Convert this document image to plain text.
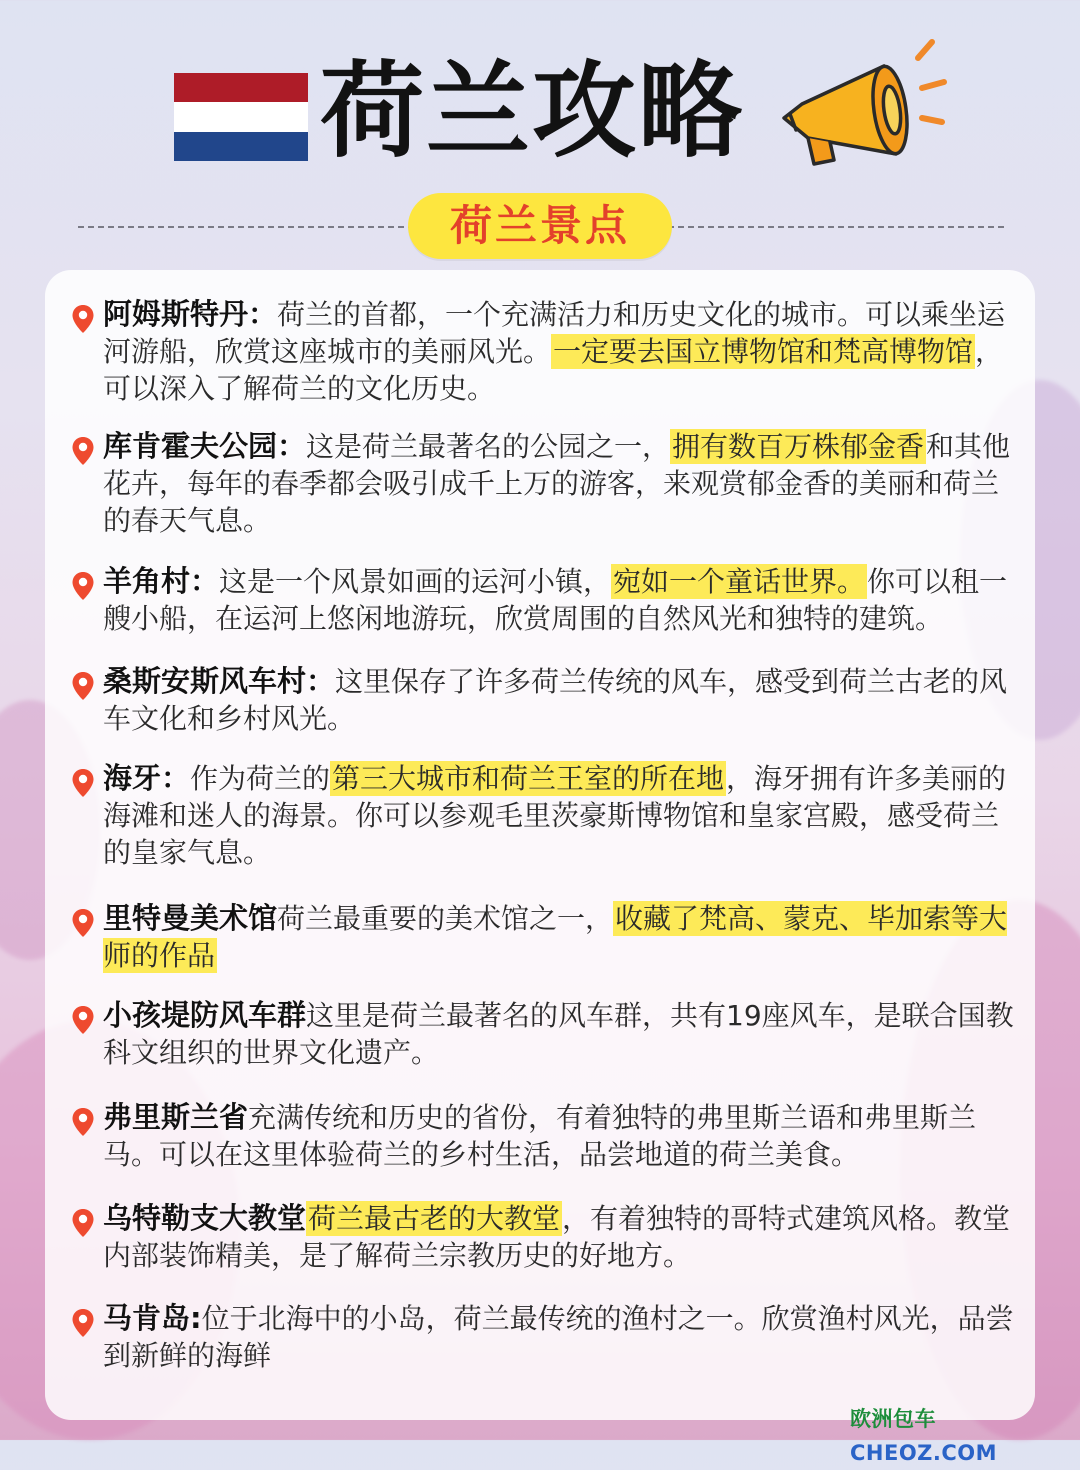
荷兰攻略
荷兰景点
阿姆斯特丹：荷兰的首都，一个充满活力和历史文化的城市。可以乘坐运河游船，欣赏这座城市的美丽风光。一定要去国立博物馆和梵高博物馆，可以深入了解荷兰的文化历史。
库肯霍夫公园：这是荷兰最著名的公园之一，拥有数百万株郁金香和其他花卉，每年的春季都会吸引成千上万的游客，来观赏郁金香的美丽和荷兰的春天气息。
羊角村：这是一个风景如画的运河小镇，宛如一个童话世界。你可以租一艘小船，在运河上悠闲地游玩，欣赏周围的自然风光和独特的建筑。
桑斯安斯风车村：这里保存了许多荷兰传统的风车，感受到荷兰古老的风车文化和乡村风光。
海牙：作为荷兰的第三大城市和荷兰王室的所在地，海牙拥有许多美丽的海滩和迷人的海景。你可以参观毛里茨豪斯博物馆和皇家宫殿，感受荷兰的皇家气息。
里特曼美术馆荷兰最重要的美术馆之一，收藏了梵高、蒙克、毕加索等大师的作品
小孩堤防风车群这里是荷兰最著名的风车群，共有19座风车，是联合国教科文组织的世界文化遗产。
弗里斯兰省充满传统和历史的省份，有着独特的弗里斯兰语和弗里斯兰马。可以在这里体验荷兰的乡村生活，品尝地道的荷兰美食。
乌特勒支大教堂荷兰最古老的大教堂，有着独特的哥特式建筑风格。教堂内部装饰精美，是了解荷兰宗教历史的好地方。
马肯岛:位于北海中的小岛，荷兰最传统的渔村之一。欣赏渔村风光，品尝到新鲜的海鲜
欧洲包车 CHEOZ.COM
